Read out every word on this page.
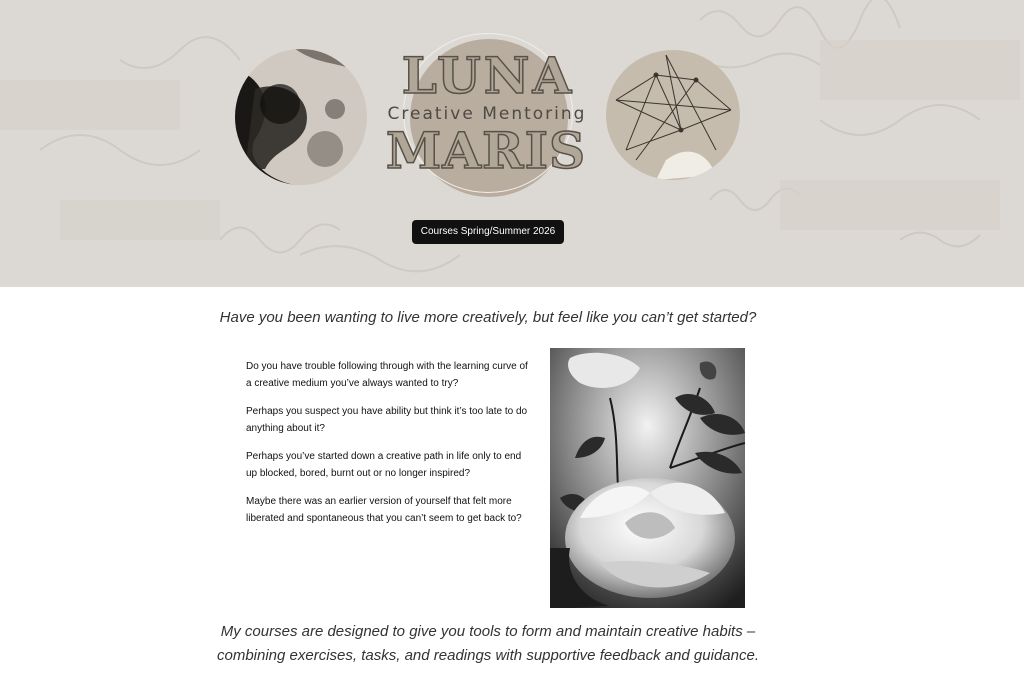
LUNA
Creative Mentoring
MARIS
Courses Spring/Summer 2026
Have you been wanting to live more creatively, but feel like you can’t get started?

Do you have trouble following through with the learning curve of a creative medium you’ve always wanted to try?

Perhaps you suspect you have ability but think it’s too late to do anything about it?

Perhaps you’ve started down a creative path in life only to end up blocked, bored, burnt out or no longer inspired?

Maybe there was an earlier version of yourself that felt more liberated and spontaneous that you can’t seem to get back to?

My courses are designed to give you tools to form and maintain creative habits –
combining exercises, tasks, and readings with supportive feedback and guidance.
